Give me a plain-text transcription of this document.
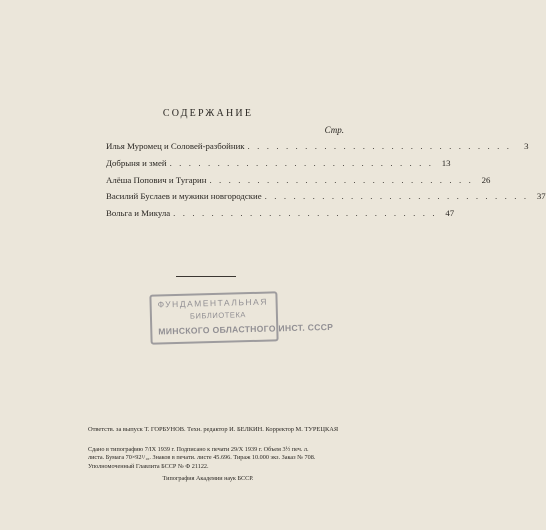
СОДЕРЖАНИЕ
Стр.
Илья Муромец и Соловей-разбойник . . . . . . . . . . . . . . . . . . . . . . . . . . . .	3
Добрыня и змей . . . . . . . . . . . . . . . . . . . . . . . . . . . . 13
Алёша Попович и Тугарин . . . . . . . . . . . . . . . . . . . . . . . . . . . . 26
Василий Буслаев и мужики новгородские . . . . . . . . . . . . . . . . . . . . . . . . . . . . 37
Вольга и Микула . . . . . . . . . . . . . . . . . . . . . . . . . . . . 47
ФУНДАМЕНТАЛЬНАЯ
БИБЛИОТЕКА
МИНСКОГО ОБЛАСТНОГО ИНСТ. СССР
Ответств. за выпуск Т. ГОРБУНОВ. Техн. редактор И. БЕЛКИН. Корректор М. ТУРЕЦКАЯ
Сдано в типографию 7/IX 1939 г. Подписано к печати 29/X 1939 г. Объем 3½ печ. л.
листа. Бумага 70×92¹/₁₆. Знаков в печати. листе 45.696. Тираж 10.000 экз. Заказ № 708.
Уполномоченный Главлита БССР № Ф 21122.
Типография Академии наук БССР.
